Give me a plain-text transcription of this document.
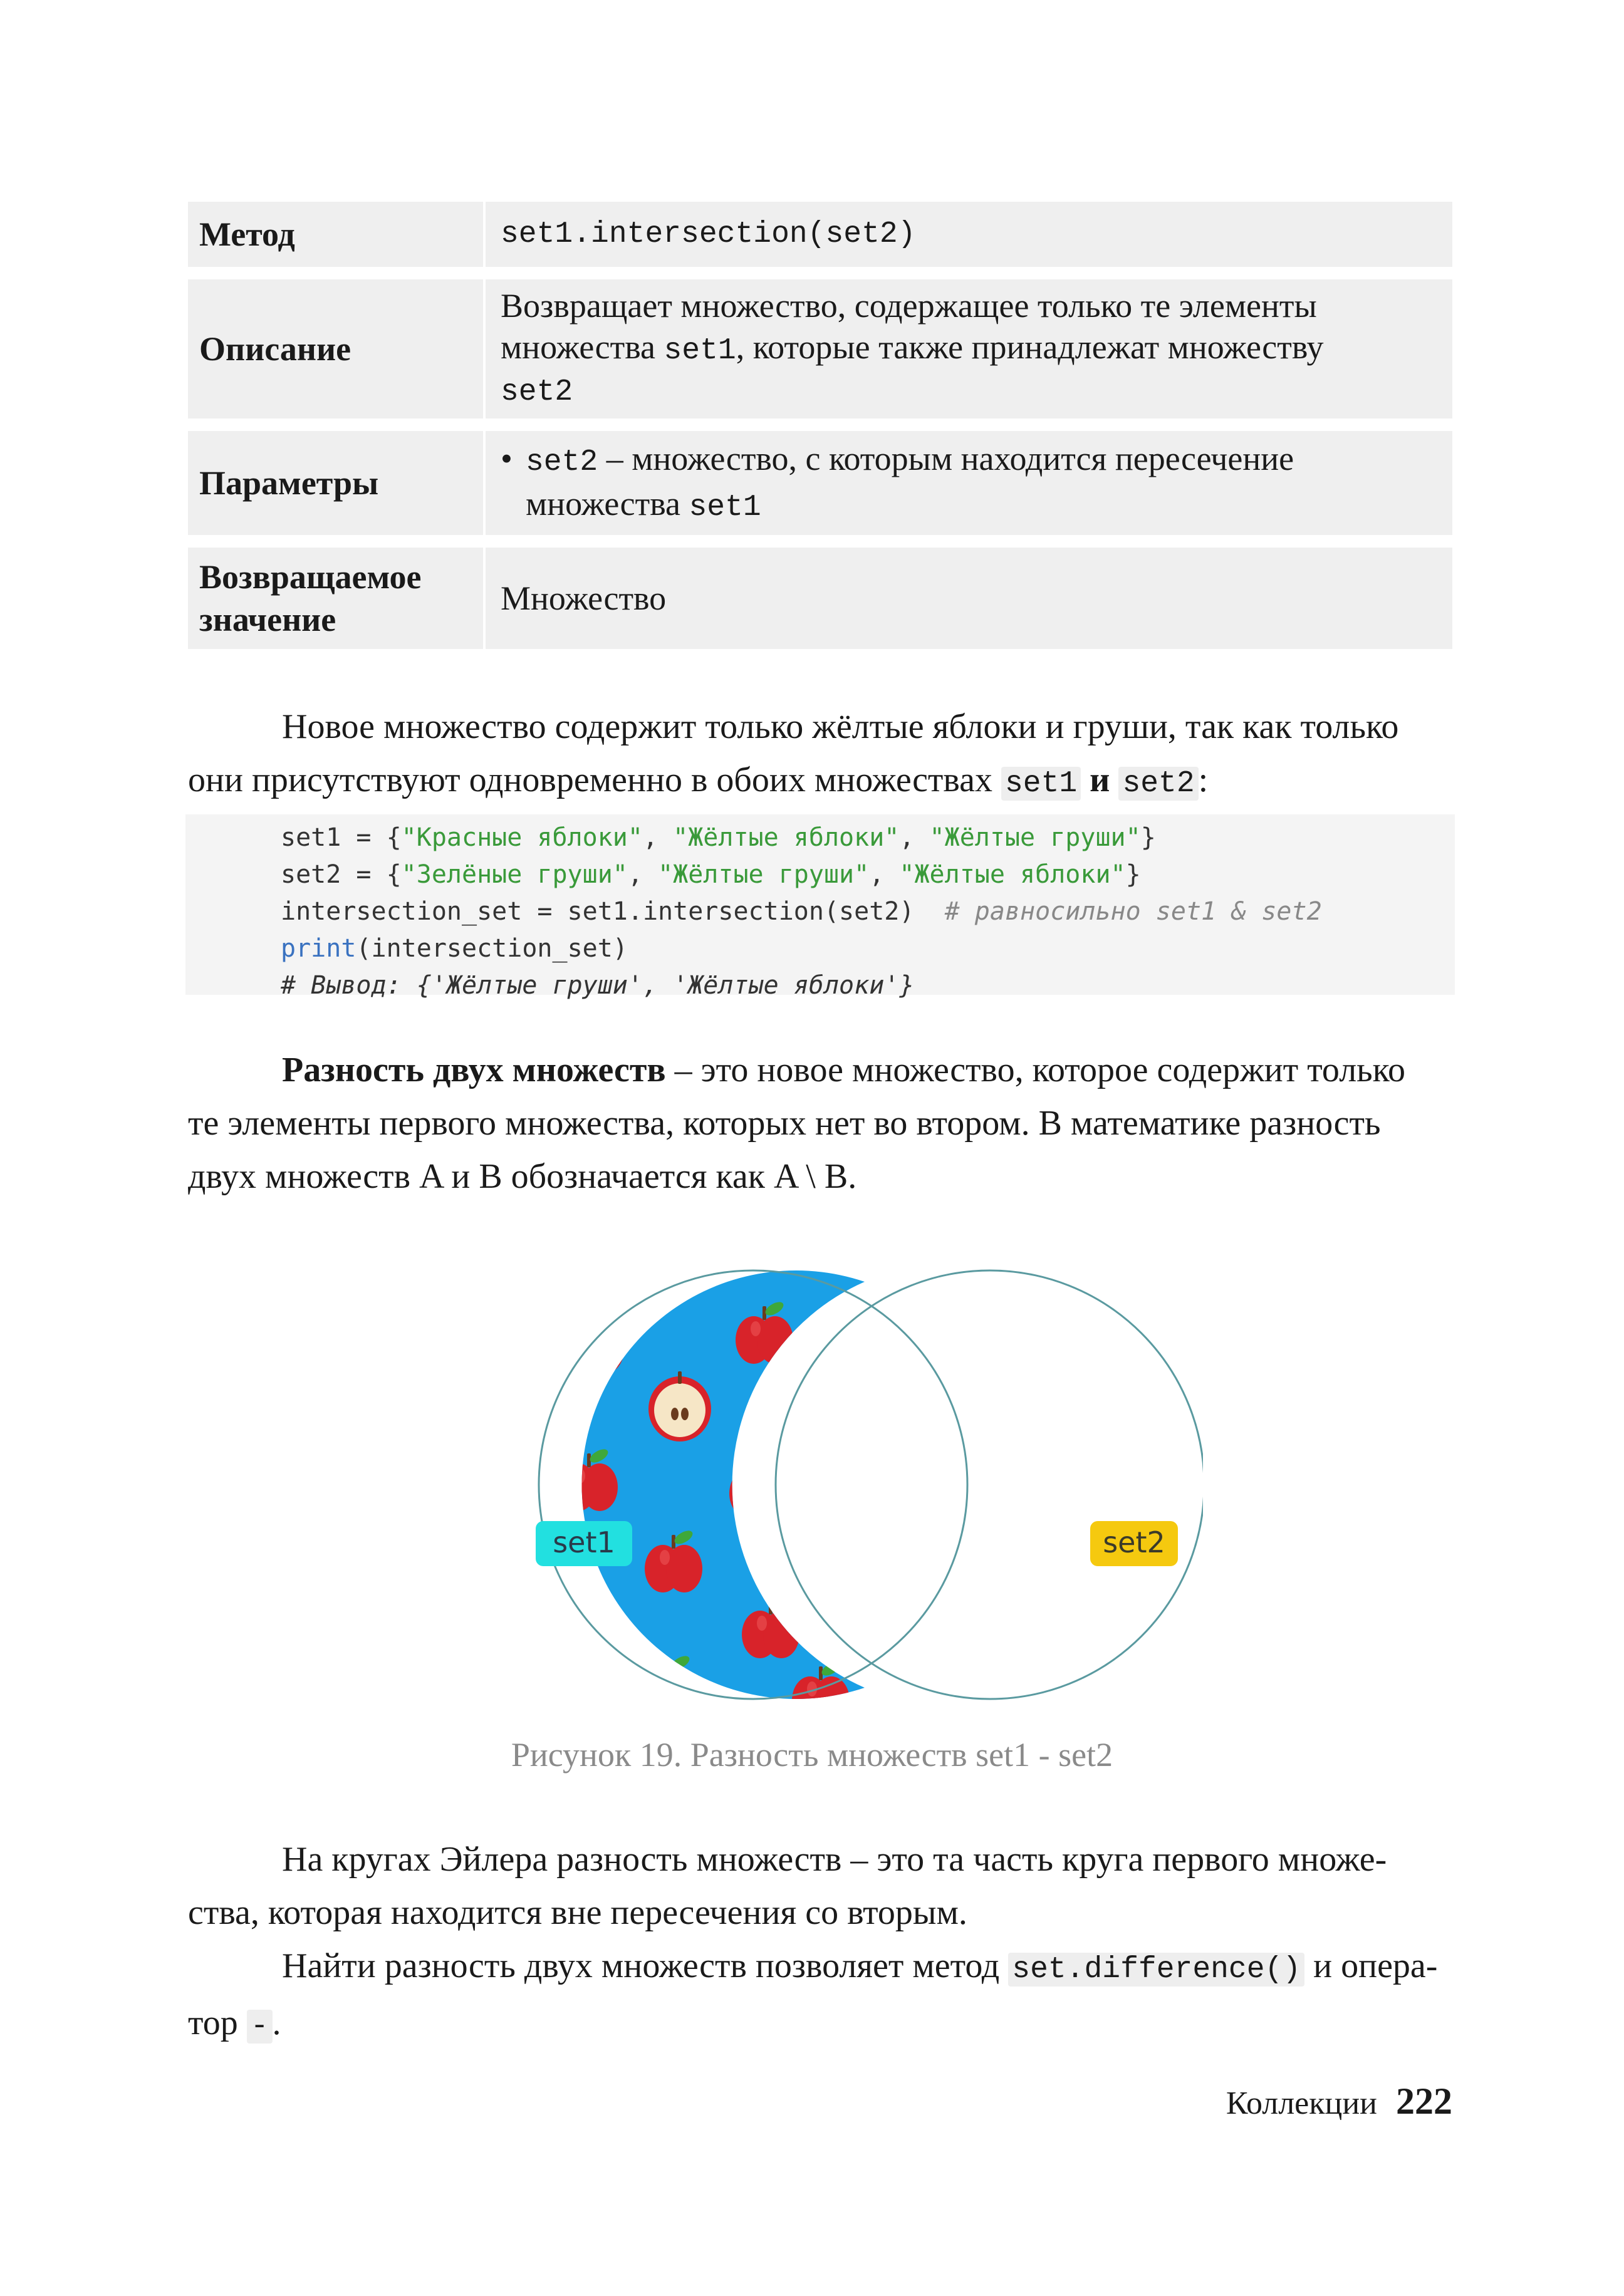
Метод	set1.intersection(set2)
Описание
Возвращает множество, содержащее только те элементы
множества set1, которые также принадлежат множеству
set2
Параметры
• set2 – множество, с которым находится пересечение
множества set1
Возвращаемое
значение
Множество
Новое множество содержит только жёлтые яблоки и груши, так как только
они присутствуют одновременно в обоих множествах set1 и set2 :
set1 = {"Красные яблоки", "Жёлтые яблоки", "Жёлтые груши"}
set2 = {"Зелёные груши", "Жёлтые груши", "Жёлтые яблоки"}
intersection_set = set1.intersection(set2) # равносильно set1 & set2
print(intersection_set)
# Вывод: {'Жёлтые груши', 'Жёлтые яблоки'}
Разность двух множеств – это новое множество, которое содержит только
те элементы первого множества, которых нет во втором. В математике разность
двух множеств A и B обозначается как A \ B.
set1	set2
Рисунок 19. Разность множеств set1 - set2
На кругах Эйлера разность множеств – это та часть круга первого множе-
ства, которая находится вне пересечения со вторым.
Найти разность двух множеств позволяет метод set.difference() и опера-
тор - .
Коллекции 222
